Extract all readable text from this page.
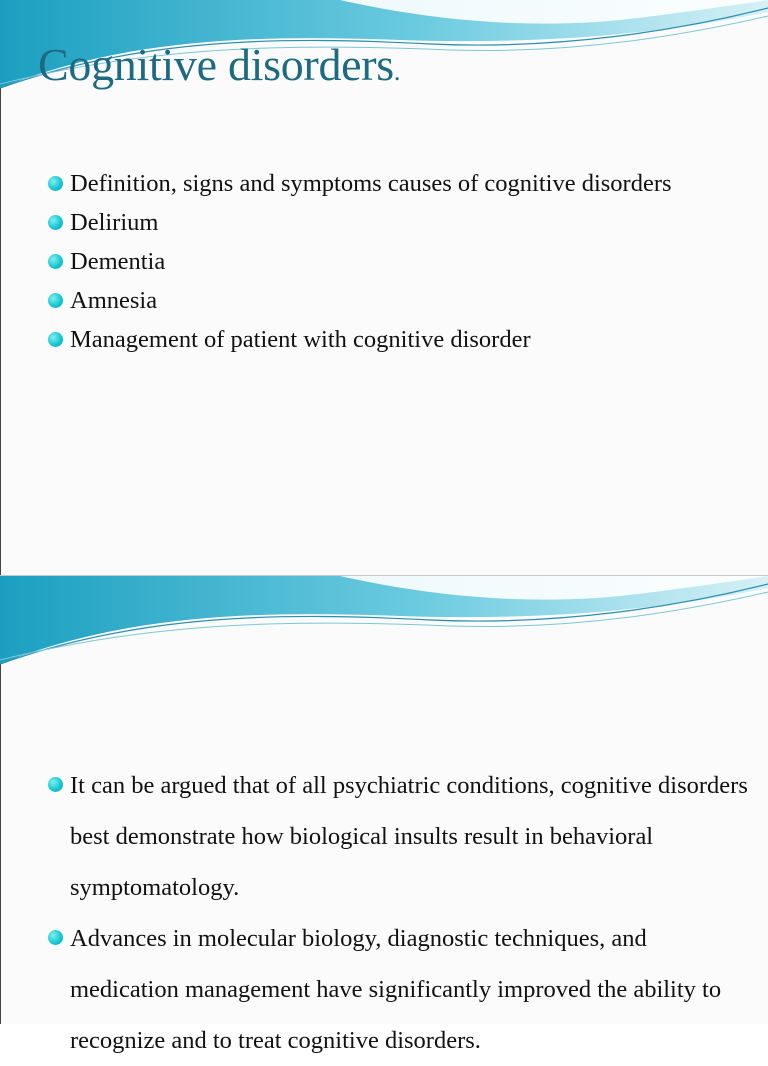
Cognitive disorders.
Definition, signs and symptoms causes of cognitive disorders
Delirium
Dementia
Amnesia
Management of patient with cognitive disorder
It can be argued that of all psychiatric conditions, cognitive disorders best demonstrate how biological insults result in behavioral symptomatology.
Advances in molecular biology, diagnostic techniques, and medication management have significantly improved the ability to recognize and to treat cognitive disorders.
